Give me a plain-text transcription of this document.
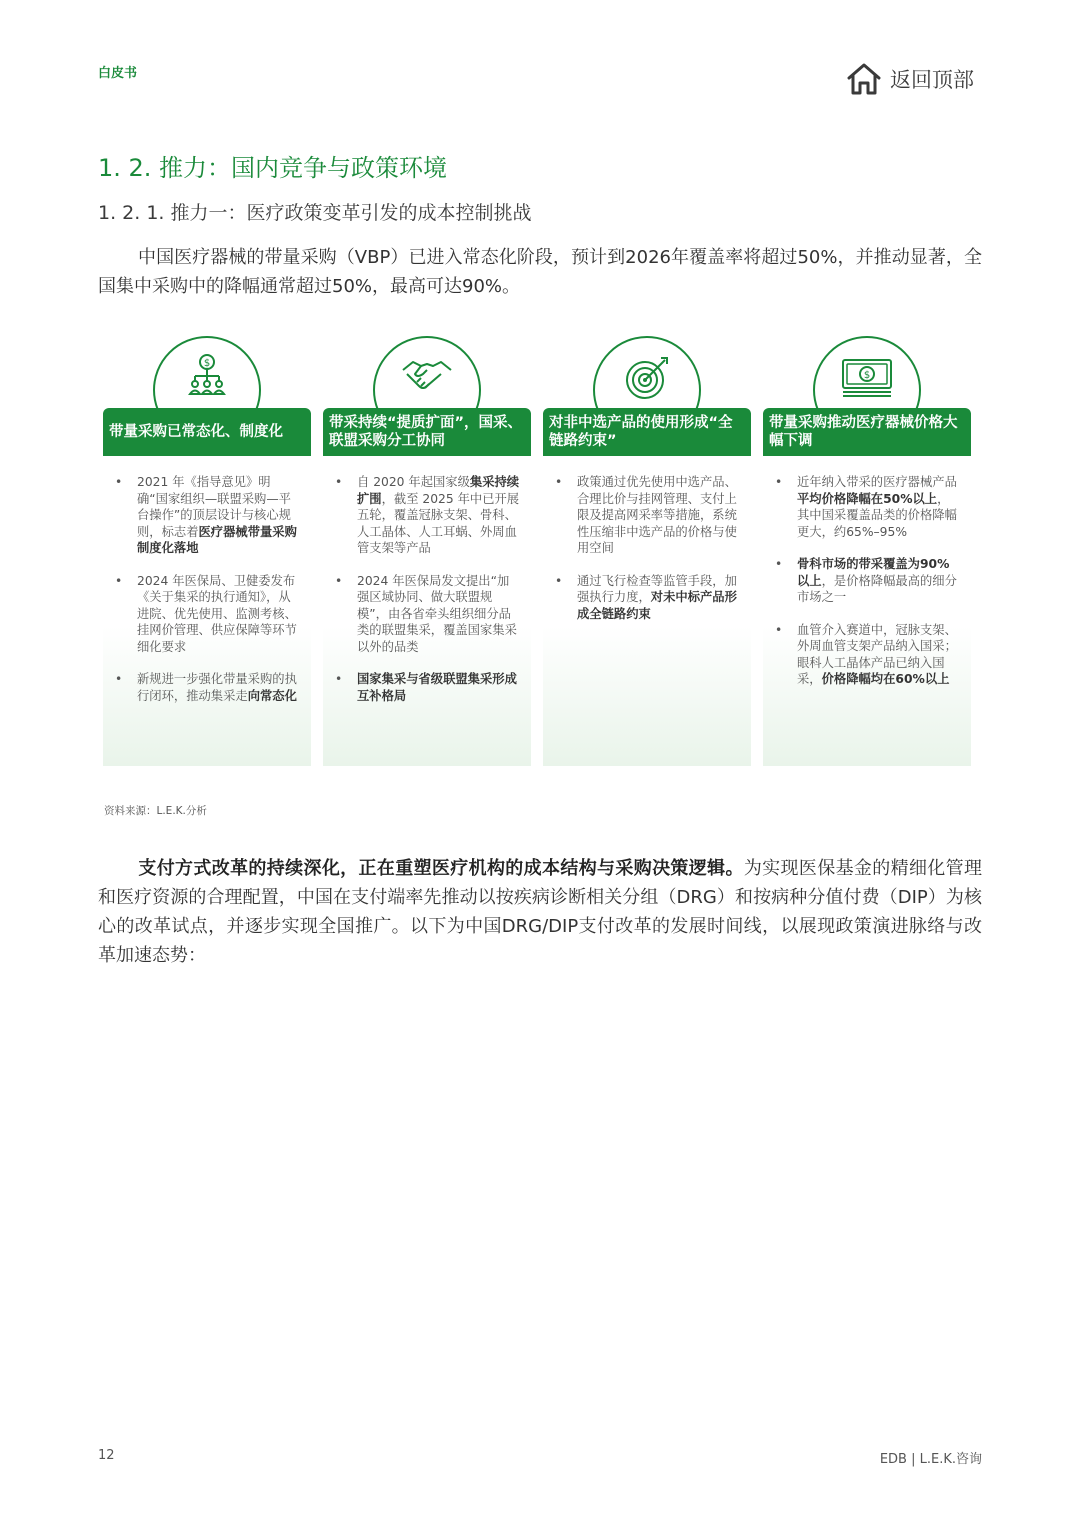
白皮书	返回顶部
1. 2. 推力：国内竞争与政策环境
1. 2. 1. 推力一：医疗政策变革引发的成本控制挑战

中国医疗器械的带量采购（VBP）已进入常态化阶段，预计到2026年覆盖率将超过50%，并推动显著，全国集中采购中的降幅通常超过50%，最高可达90%。

$
带量采购已常态化、制度化
• 2021 年《指导意见》明确“国家组织—联盟采购—平台操作”的顶层设计与核心规则，标志着医疗器械带量采购制度化落地
• 2024 年医保局、卫健委发布《关于集采的执行通知》，从进院、优先使用、监测考核、挂网价管理、供应保障等环节细化要求
• 新规进一步强化带量采购的执行闭环，推动集采走向常态化
带采持续“提质扩面”，国采、联盟采购分工协同
• 自 2020 年起国家级集采持续扩围，截至 2025 年中已开展五轮，覆盖冠脉支架、骨科、人工晶体、人工耳蜗、外周血管支架等产品
• 2024 年医保局发文提出“加强区域协同、做大联盟规模”，由各省牵头组织细分品类的联盟集采，覆盖国家集采以外的品类
• 国家集采与省级联盟集采形成互补格局
对非中选产品的使用形成“全链路约束”
• 政策通过优先使用中选产品、合理比价与挂网管理、支付上限及提高网采率等措施，系统性压缩非中选产品的价格与使用空间
• 通过飞行检查等监管手段，加强执行力度，对未中标产品形成全链路约束
$
带量采购推动医疗器械价格大幅下调
• 近年纳入带采的医疗器械产品平均价格降幅在50%以上，其中国采覆盖品类的价格降幅更大，约65%–95%
• 骨科市场的带采覆盖为90%以上，是价格降幅最高的细分市场之一
• 血管介入赛道中，冠脉支架、外周血管支架产品纳入国采；眼科人工晶体产品已纳入国采，价格降幅均在60%以上
资料来源：L.E.K.分析

支付方式改革的持续深化，正在重塑医疗机构的成本结构与采购决策逻辑。为实现医保基金的精细化管理和医疗资源的合理配置，中国在支付端率先推动以按疾病诊断相关分组（DRG）和按病种分值付费（DIP）为核心的改革试点，并逐步实现全国推广。以下为中国DRG/DIP支付改革的发展时间线，以展现政策演进脉络与改革加速态势：

12	EDB | L.E.K.咨询
